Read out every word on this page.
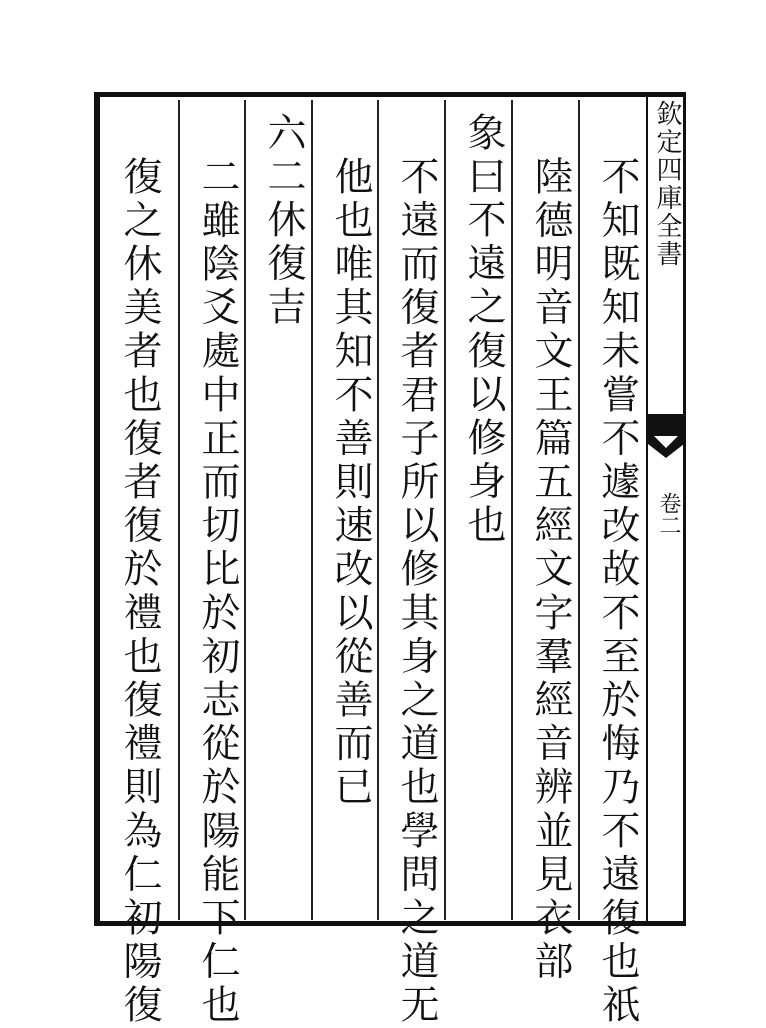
欽定四庫全書
卷二
不知既知未嘗不遽改故不至於悔乃不遠復也祇
陸德明音文王篇五經文字羣經音辨並見衣部
象曰不遠之復以修身也
不遠而復者君子所以修其身之道也學問之道无
他也唯其知不善則速改以從善而已
六二休復吉
二雖陰爻處中正而切比於初志從於陽能下仁也
復之休美者也復者復於禮也復禮則為仁初陽復
